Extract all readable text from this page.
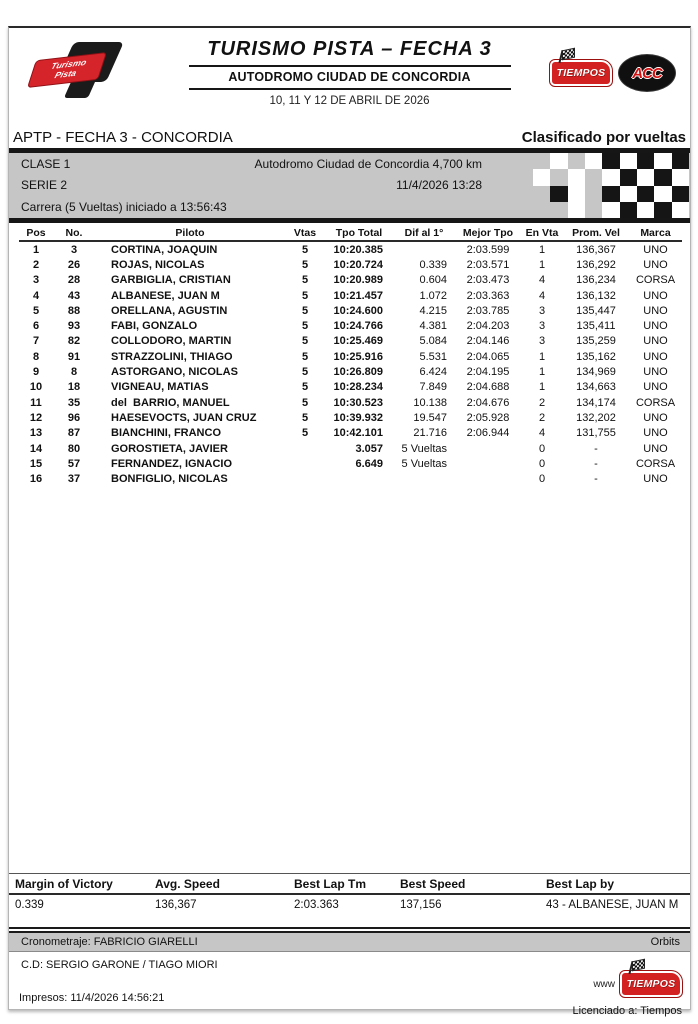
Turismo
Pista
TURISMO PISTA – FECHA 3
AUTODROMO CIUDAD DE CONCORDIA
10, 11 Y 12 DE ABRIL DE 2026
TIEMPOS ACC
APTP - FECHA 3 - CONCORDIA	Clasificado por vueltas
CLASE 1	Autodromo Ciudad de Concordia 4,700 km
SERIE 2	11/4/2026 13:28
Carrera (5 Vueltas) iniciado a 13:56:43
Pos	No.	Piloto	Vtas	Tpo Total	Dif al 1°	Mejor Tpo	En Vta	Prom. Vel	Marca
1	3	CORTINA, JOAQUIN	5	10:20.385		2:03.599	1	136,367	UNO
2	26	ROJAS, NICOLAS	5	10:20.724	0.339	2:03.571	1	136,292	UNO
3	28	GARBIGLIA, CRISTIAN	5	10:20.989	0.604	2:03.473	4	136,234	CORSA
4	43	ALBANESE, JUAN M	5	10:21.457	1.072	2:03.363	4	136,132	UNO
5	88	ORELLANA, AGUSTIN	5	10:24.600	4.215	2:03.785	3	135,447	UNO
6	93	FABI, GONZALO	5	10:24.766	4.381	2:04.203	3	135,411	UNO
7	82	COLLODORO, MARTIN	5	10:25.469	5.084	2:04.146	3	135,259	UNO
8	91	STRAZZOLINI, THIAGO	5	10:25.916	5.531	2:04.065	1	135,162	UNO
9	8	ASTORGANO, NICOLAS	5	10:26.809	6.424	2:04.195	1	134,969	UNO
10	18	VIGNEAU, MATIAS	5	10:28.234	7.849	2:04.688	1	134,663	UNO
11	35	del  BARRIO, MANUEL	5	10:30.523	10.138	2:04.676	2	134,174	CORSA
12	96	HAESEVOCTS, JUAN CRUZ	5	10:39.932	19.547	2:05.928	2	132,202	UNO
13	87	BIANCHINI, FRANCO	5	10:42.101	21.716	2:06.944	4	131,755	UNO
14	80	GOROSTIETA, JAVIER		3.057	5 Vueltas		0	-	UNO
15	57	FERNANDEZ, IGNACIO		6.649	5 Vueltas		0	-	CORSA
16	37	BONFIGLIO, NICOLAS					0	-	UNO
Margin of Victory	Avg. Speed	Best Lap Tm	Best Speed	Best Lap by
0.339	136,367	2:03.363	137,156	43 - ALBANESE, JUAN M
Cronometraje: FABRICIO GIARELLI	Orbits
C.D: SERGIO GARONE / TIAGO MIORI
www TIEMPOS
Licenciado a: Tiempos
Impresos: 11/4/2026 14:56:21
